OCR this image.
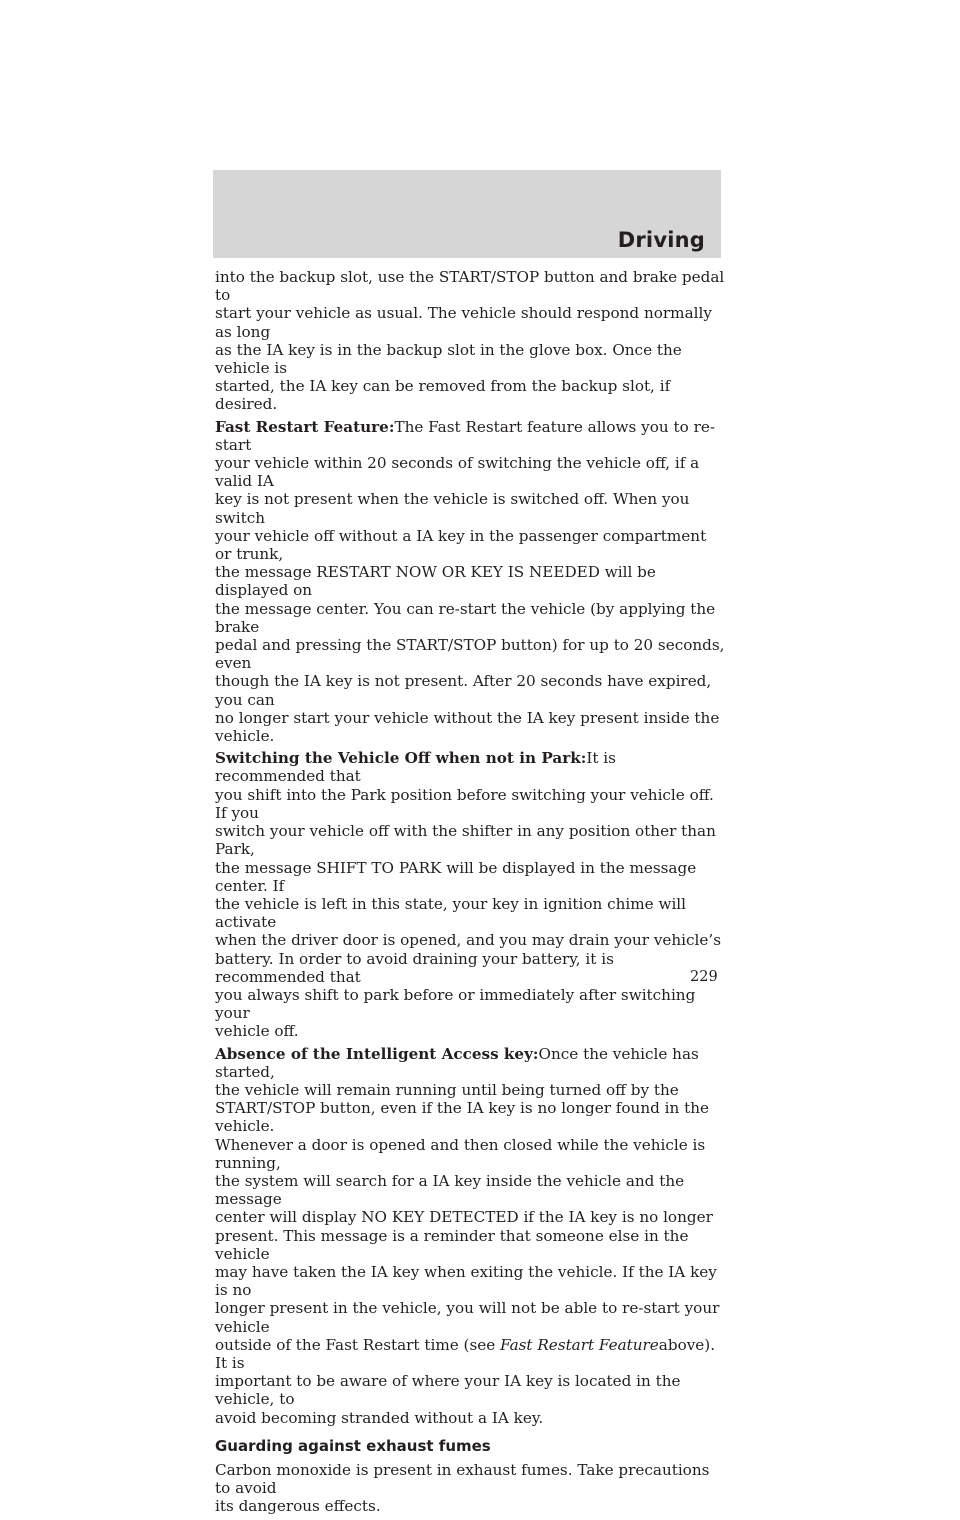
Driving

into the backup slot, use the START/STOP button and brake pedal to
start your vehicle as usual. The vehicle should respond normally as long
as the IA key is in the backup slot in the glove box. Once the vehicle is
started, the IA key can be removed from the backup slot, if desired.

Fast Restart Feature:The Fast Restart feature allows you to re-start
your vehicle within 20 seconds of switching the vehicle off, if a valid IA
key is not present when the vehicle is switched off. When you switch
your vehicle off without a IA key in the passenger compartment or trunk,
the message RESTART NOW OR KEY IS NEEDED will be displayed on
the message center. You can re-start the vehicle (by applying the brake
pedal and pressing the START/STOP button) for up to 20 seconds, even
though the IA key is not present. After 20 seconds have expired, you can
no longer start your vehicle without the IA key present inside the
vehicle.

Switching the Vehicle Off when not in Park:It is recommended that
you shift into the Park position before switching your vehicle off. If you
switch your vehicle off with the shifter in any position other than Park,
the message SHIFT TO PARK will be displayed in the message center. If
the vehicle is left in this state, your key in ignition chime will activate
when the driver door is opened, and you may drain your vehicle’s
battery. In order to avoid draining your battery, it is recommended that
you always shift to park before or immediately after switching your
vehicle off.

Absence of the Intelligent Access key:Once the vehicle has started,
the vehicle will remain running until being turned off by the
START/STOP button, even if the IA key is no longer found in the vehicle.
Whenever a door is opened and then closed while the vehicle is running,
the system will search for a IA key inside the vehicle and the message
center will display NO KEY DETECTED if the IA key is no longer
present. This message is a reminder that someone else in the vehicle
may have taken the IA key when exiting the vehicle. If the IA key is no
longer present in the vehicle, you will not be able to re-start your vehicle
outside of the Fast Restart time (see Fast Restart Featureabove). It is
important to be aware of where your IA key is located in the vehicle, to
avoid becoming stranded without a IA key.

Guarding against exhaust fumes

Carbon monoxide is present in exhaust fumes. Take precautions to avoid
its dangerous effects.

229
